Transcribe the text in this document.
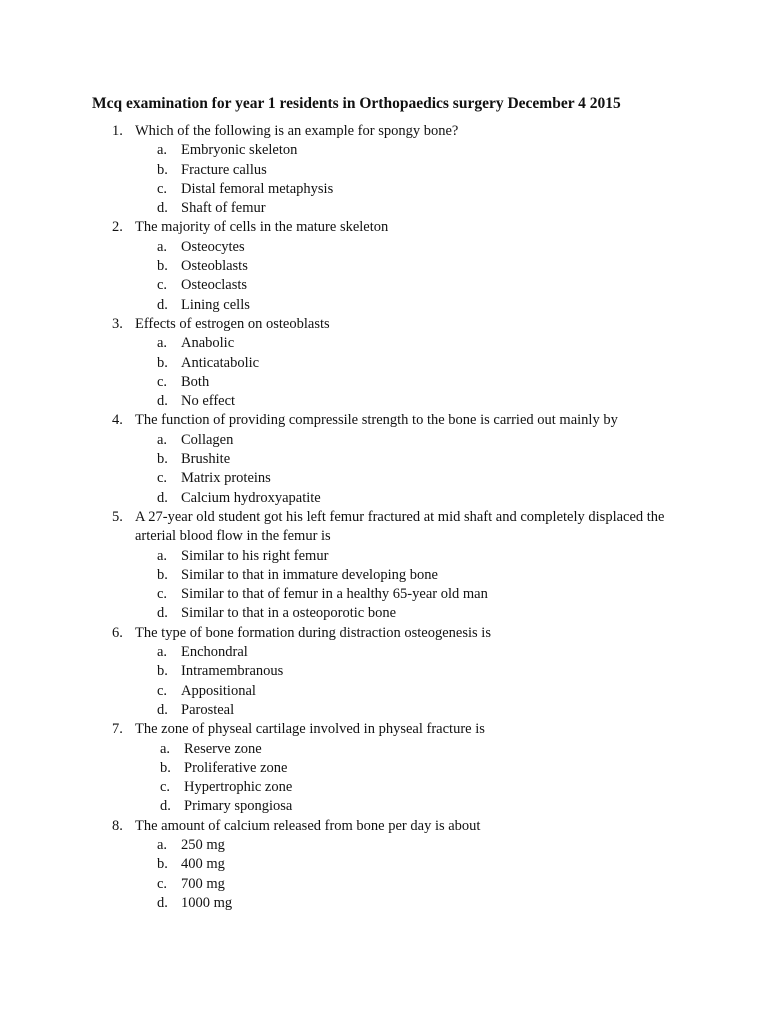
Mcq examination for year 1 residents in Orthopaedics surgery December 4 2015
1. Which of the following is an example for spongy bone?
a. Embryonic skeleton
b. Fracture callus
c. Distal femoral metaphysis
d. Shaft of femur
2. The majority of cells in the mature skeleton
a. Osteocytes
b. Osteoblasts
c. Osteoclasts
d. Lining cells
3. Effects of estrogen on osteoblasts
a. Anabolic
b. Anticatabolic
c. Both
d. No effect
4. The function of providing compressile strength to the bone is carried out mainly by
a. Collagen
b. Brushite
c. Matrix proteins
d. Calcium hydroxyapatite
5. A 27-year old student got his left femur fractured at mid shaft and completely displaced the arterial blood flow in the femur is
a. Similar to his right femur
b. Similar to that in immature developing bone
c. Similar to that of femur in a healthy 65-year old man
d. Similar to that in a osteoporotic bone
6. The type of bone formation during distraction osteogenesis is
a. Enchondral
b. Intramembranous
c. Appositional
d. Parosteal
7. The zone of physeal cartilage involved in physeal fracture is
a. Reserve zone
b. Proliferative zone
c. Hypertrophic zone
d. Primary spongiosa
8. The amount of calcium released from bone per day is about
a. 250 mg
b. 400 mg
c. 700 mg
d. 1000 mg
